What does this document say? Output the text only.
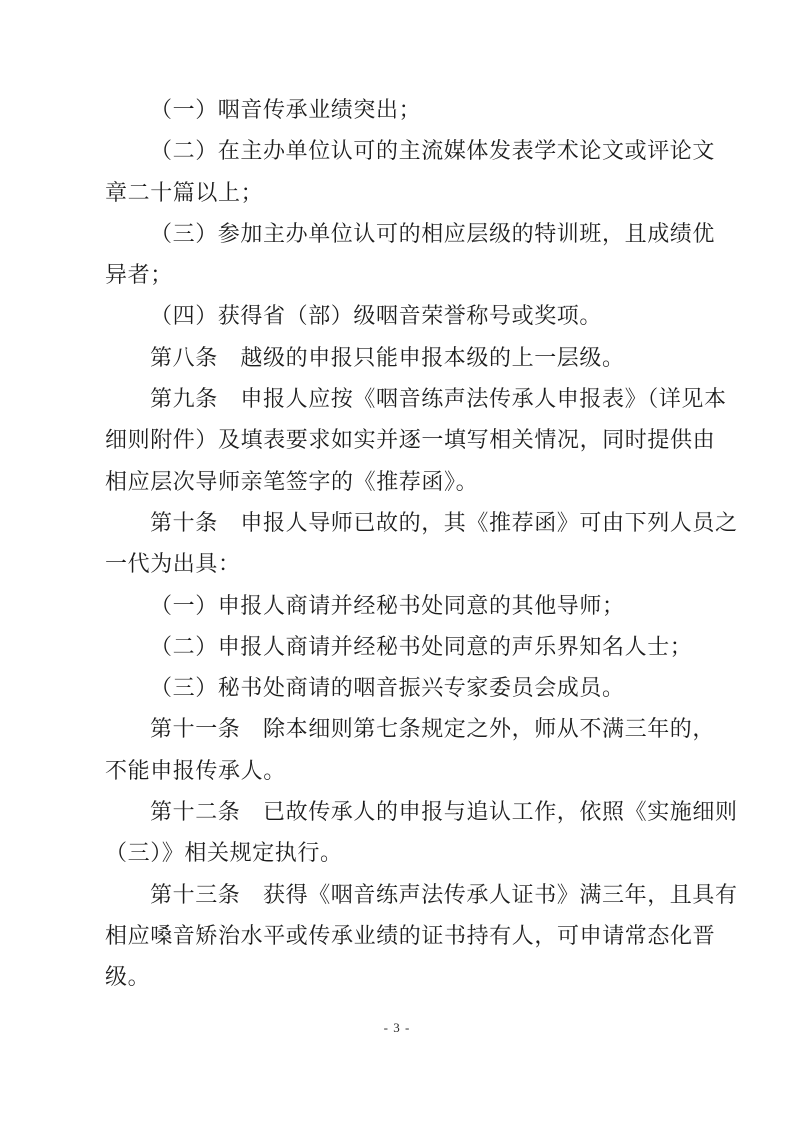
（一）咽音传承业绩突出；
（二）在主办单位认可的主流媒体发表学术论文或评论文
章二十篇以上；
（三）参加主办单位认可的相应层级的特训班，且成绩优
异者；
（四）获得省（部）级咽音荣誉称号或奖项。
第八条　越级的申报只能申报本级的上一层级。
第九条　申报人应按《咽音练声法传承人申报表》（详见本
细则附件）及填表要求如实并逐一填写相关情况，同时提供由
相应层次导师亲笔签字的《推荐函》。
第十条　申报人导师已故的，其《推荐函》可由下列人员之
一代为出具：
（一）申报人商请并经秘书处同意的其他导师；
（二）申报人商请并经秘书处同意的声乐界知名人士；
（三）秘书处商请的咽音振兴专家委员会成员。
第十一条　除本细则第七条规定之外，师从不满三年的，
不能申报传承人。
第十二条　已故传承人的申报与追认工作，依照《实施细则
（三）》相关规定执行。
第十三条　获得《咽音练声法传承人证书》满三年，且具有
相应嗓音矫治水平或传承业绩的证书持有人，可申请常态化晋
级。
- 3 -
